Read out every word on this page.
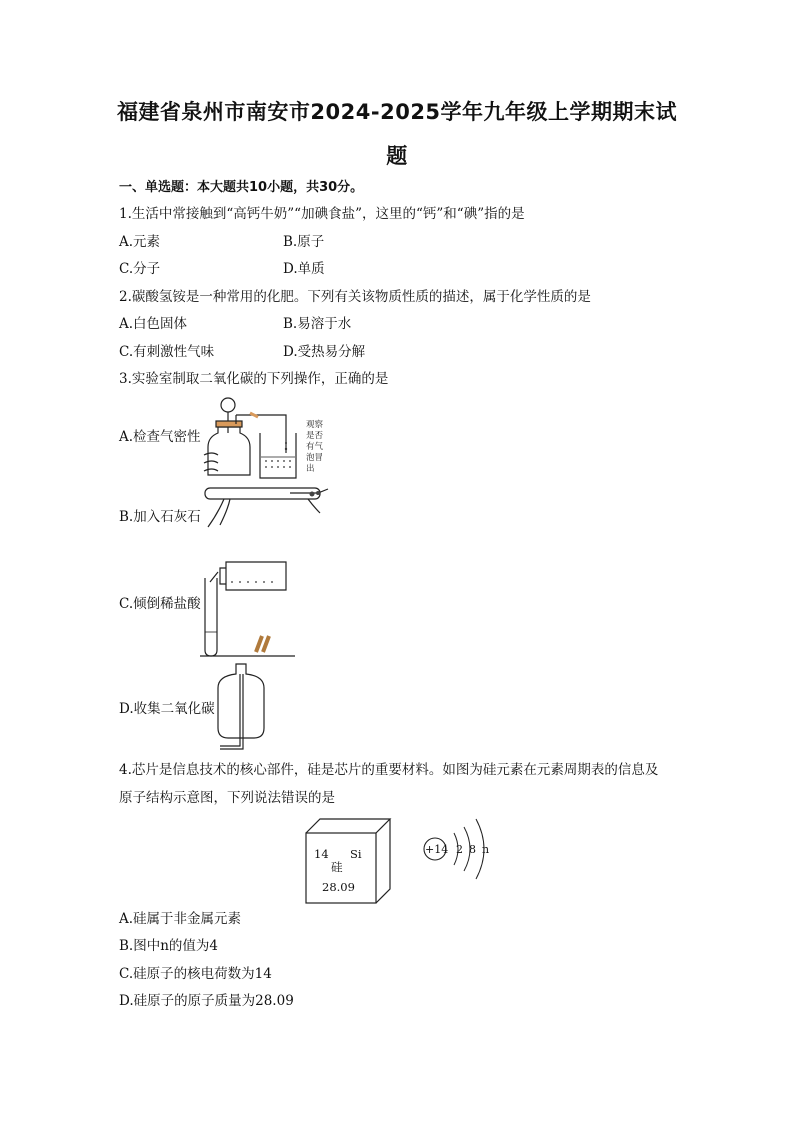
福建省泉州市南安市2024-2025学年九年级上学期期末试
题
一、单选题：本大题共10小题，共30分。
1.生活中常接触到“高钙牛奶”“加碘食盐”，这里的“钙”和“碘”指的是
A.元素	B.原子
C.分子	D.单质
2.碳酸氢铵是一种常用的化肥。下列有关该物质性质的描述，属于化学性质的是
A.白色固体	B.易溶于水
C.有刺激性气味	D.受热易分解
3.实验室制取二氧化碳的下列操作，正确的是
A.检查气密性
B.加入石灰石
C.倾倒稀盐酸
D.收集二氧化碳
观察
是否
有气
泡冒
出
4.芯片是信息技术的核心部件，硅是芯片的重要材料。如图为硅元素在元素周期表的信息及
原子结构示意图，下列说法错误的是
14 Si
硅
28.09
+14 2 8 n
A.硅属于非金属元素
B.图中n的值为4
C.硅原子的核电荷数为14
D.硅原子的原子质量为28.09
